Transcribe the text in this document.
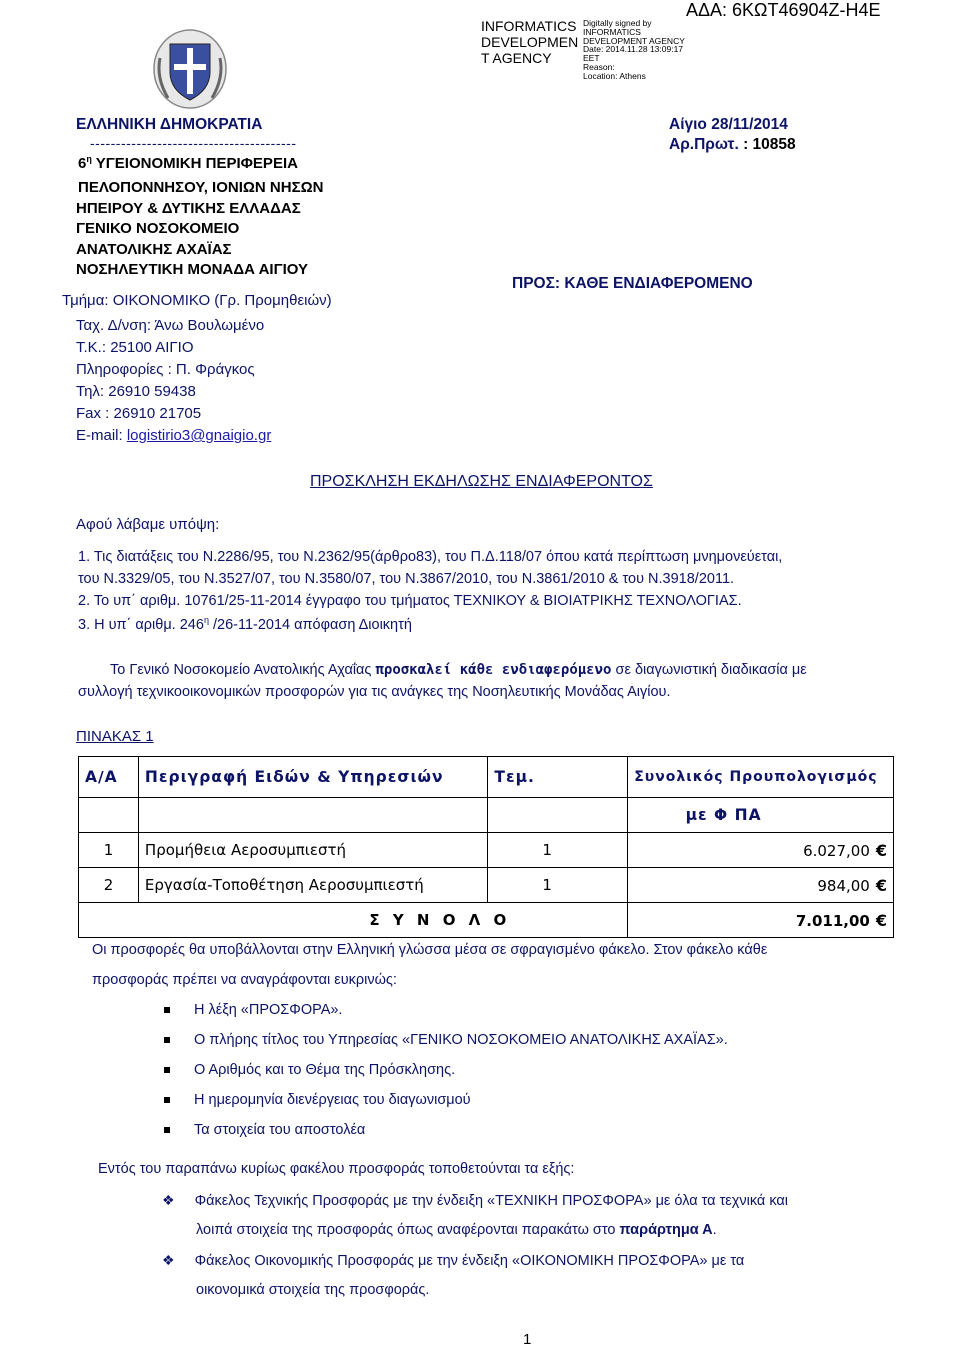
INFORMATICS
DEVELOPMEN
T AGENCY
Digitally signed by
INFORMATICS
DEVELOPMENT AGENCY
Date: 2014.11.28 13:09:17
EET
Reason:
Location: Athens
ΑΔΑ: 6ΚΩΤ46904Ζ-Η4Ε
ΕΛΛΗΝΙΚΗ ΔΗΜΟΚΡΑΤΙΑ
----------------------------------------
$6^\eta$ ΥΓΕΙΟΝΟΜΙΚΗ ΠΕΡΙΦΕΡΕΙΑ
ΠΕΛΟΠΟΝΝΗΣΟΥ, ΙΟΝΙΩΝ ΝΗΣΩΝ
ΗΠΕΙΡΟΥ & ΔΥΤΙΚΗΣ ΕΛΛΑΔΑΣ
ΓΕΝΙΚΟ ΝΟΣΟΚΟΜΕΙΟ
ΑΝΑΤΟΛΙΚΗΣ ΑΧΑΪΑΣ
ΝΟΣΗΛΕΥΤΙΚΗ ΜΟΝΑΔΑ ΑΙΓΙΟΥ
Τμήμα: ΟΙΚΟΝΟΜΙΚΟ (Γρ. Προμηθειών)
Ταχ. Δ/νση: Άνω Βουλωμένο
Τ.Κ.: 25100 ΑΙΓΙΟ
Πληροφορίες : Π. Φράγκος
Τηλ: 26910 59438
Fax : 26910 21705
E-mail: logistirio3@gnaigio.gr
Αίγιο 28/11/2014
Αρ.Πρωτ. : 10858
ΠΡΟΣ: ΚΑΘΕ ΕΝΔΙΑΦΕΡΟΜΕΝΟ
ΠΡΟΣΚΛΗΣΗ ΕΚΔΗΛΩΣΗΣ ΕΝΔΙΑΦΕΡΟΝΤΟΣ
Αφού λάβαμε υπόψη:
1. Τις διατάξεις του Ν.2286/95, του Ν.2362/95(άρθρο83), του Π.Δ.118/07 όπου κατά περίπτωση μνημονεύεται,
του Ν.3329/05, του Ν.3527/07, του Ν.3580/07, του Ν.3867/2010, του Ν.3861/2010 & του Ν.3918/2011.
2. Το υπ΄ αριθμ. 10761/25-11-2014 έγγραφο του τμήματος ΤΕΧΝΙΚΟΥ & ΒΙΟΙΑΤΡΙΚΗΣ ΤΕΧΝΟΛΟΓΙΑΣ.
3. Η υπ΄ αριθμ. $246^\eta$ /26-11-2014 απόφαση Διοικητή
Το Γενικό Νοσοκομείο Ανατολικής Αχαΐας προσκαλεί κάθε ενδιαφερόμενο σε διαγωνιστική διαδικασία με
συλλογή τεχνικοοικονομικών προσφορών για τις ανάγκες της Νοσηλευτικής Μονάδας Αιγίου.
ΠΙΝΑΚΑΣ 1
Α/Α	Περιγραφή Ειδών & Υπηρεσιών	Τεμ.	Συνολικός Προυπολογισμός
			με Φ ΠΑ
1	Προμήθεια Αεροσυμπιεστή	1	6.027,00 €
2	Εργασία-Τοποθέτηση Αεροσυμπιεστή	1	984,00 €
	Σ Υ Ν Ο Λ Ο		7.011,00 €
Οι προσφορές θα υποβάλλονται στην Ελληνική γλώσσα μέσα σε σφραγισμένο φάκελο. Στον φάκελο κάθε
προσφοράς πρέπει να αναγράφονται ευκρινώς:
Η λέξη «ΠΡΟΣΦΟΡΑ».
Ο πλήρης τίτλος του Υπηρεσίας «ΓΕΝΙΚΟ ΝΟΣΟΚΟΜΕΙΟ ΑΝΑΤΟΛΙΚΗΣ ΑΧΑΪΑΣ».
Ο Αριθμός και το Θέμα της Πρόσκλησης.
Η ημερομηνία διενέργειας του διαγωνισμού
Τα στοιχεία του αποστολέα
Εντός του παραπάνω κυρίως φακέλου προσφοράς τοποθετούνται τα εξής:
❖ Φάκελος Τεχνικής Προσφοράς με την ένδειξη «ΤΕΧΝΙΚΗ ΠΡΟΣΦΟΡΑ» με όλα τα τεχνικά και
λοιπά στοιχεία της προσφοράς όπως αναφέρονται παρακάτω στο παράρτημα Α.
❖ Φάκελος Οικονομικής Προσφοράς με την ένδειξη «ΟΙΚΟΝΟΜΙΚΗ ΠΡΟΣΦΟΡΑ» με τα
οικονομικά στοιχεία της προσφοράς.
1
